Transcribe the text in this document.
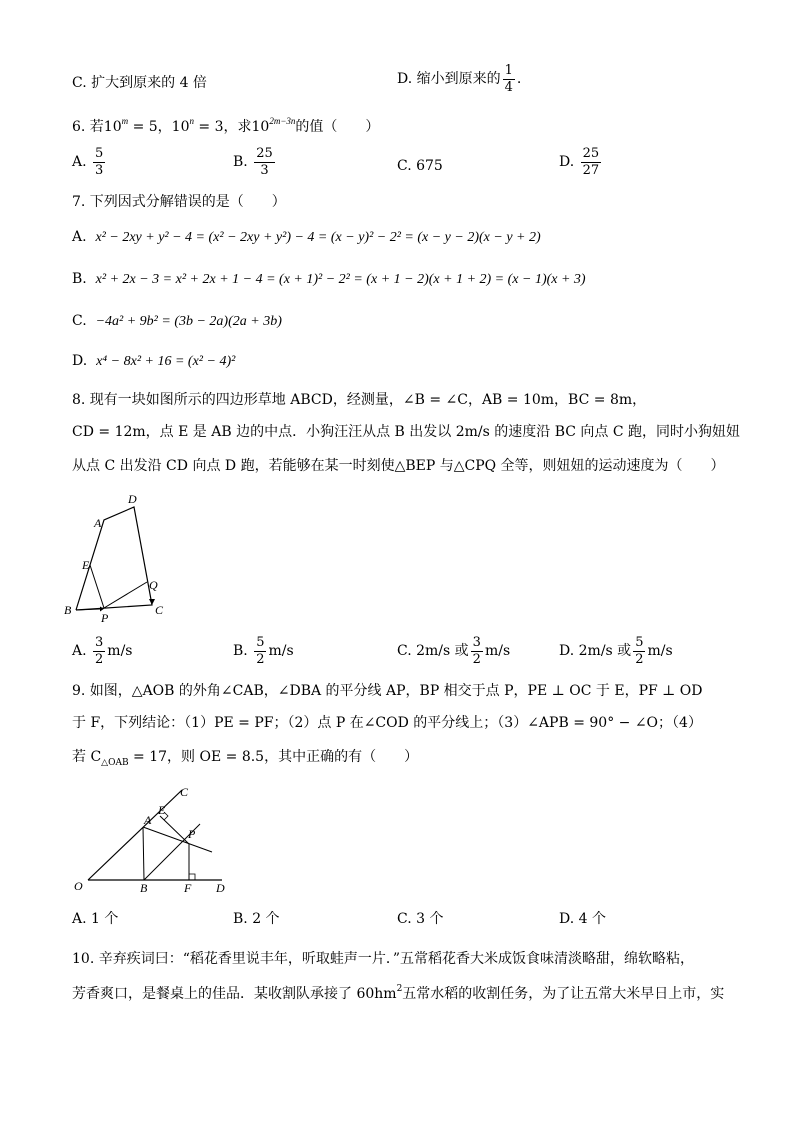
C. 扩大到原来的 4 倍	D. 缩小到原来的 $\frac{1}{4}$ .
6. 若$10^m = 5$，$10^n = 3$，求$10^{2m-3n}$的值（　　）
A. $\frac{5}{3}$	B. $\frac{25}{3}$	C. 675	D. $\frac{25}{27}$
7. 下列因式分解错误的是（　　）
A. x² − 2xy + y² − 4 = (x² − 2xy + y²) − 4 = (x − y)² − 2² = (x − y − 2)(x − y + 2)
B. x² + 2x − 3 = x² + 2x + 1 − 4 = (x + 1)² − 2² = (x + 1 − 2)(x + 1 + 2) = (x − 1)(x + 3)
C. −4a² + 9b² = (3b − 2a)(2a + 3b)
D. x⁴ − 8x² + 16 = (x² − 4)²
8. 现有一块如图所示的四边形草地 ABCD，经测量，∠B = ∠C，AB = 10m，BC = 8m，
CD = 12m，点 E 是 AB 边的中点．小狗汪汪从点 B 出发以 2m/s 的速度沿 BC 向点 C 跑，同时小狗妞妞
从点 C 出发沿 CD 向点 D 跑，若能够在某一时刻使△BEP 与△CPQ 全等，则妞妞的运动速度为（　　）
A
D
E
Q
B	C
P
A. $\frac{3}{2} m/s$	B. $\frac{5}{2} m/s$	C. 2m/s 或 $\frac{3}{2} m/s$	D. 2m/s 或 $\frac{5}{2} m/s$
9. 如图，△AOB 的外角∠CAB，∠DBA 的平分线 AP，BP 相交于点 P，PE ⊥ OC 于 E，PF ⊥ OD
于 F，下列结论：（1）PE = PF；（2）点 P 在∠COD 的平分线上；（3）∠APB = 90° − ∠O；（4）
若 $C_{\triangle OAB} = 17$，则 OE = 8.5，其中正确的有（　　）
C
E
A
P
O	B	F D
A. 1 个	B. 2 个	C. 3 个	D. 4 个
10. 辛弃疾词曰：“稻花香里说丰年，听取蛙声一片．”五常稻花香大米成饭食味清淡略甜，绵软略粘，
芳香爽口，是餐桌上的佳品．某收割队承接了 $60hm^2$五常水稻的收割任务，为了让五常大米早日上市，实
